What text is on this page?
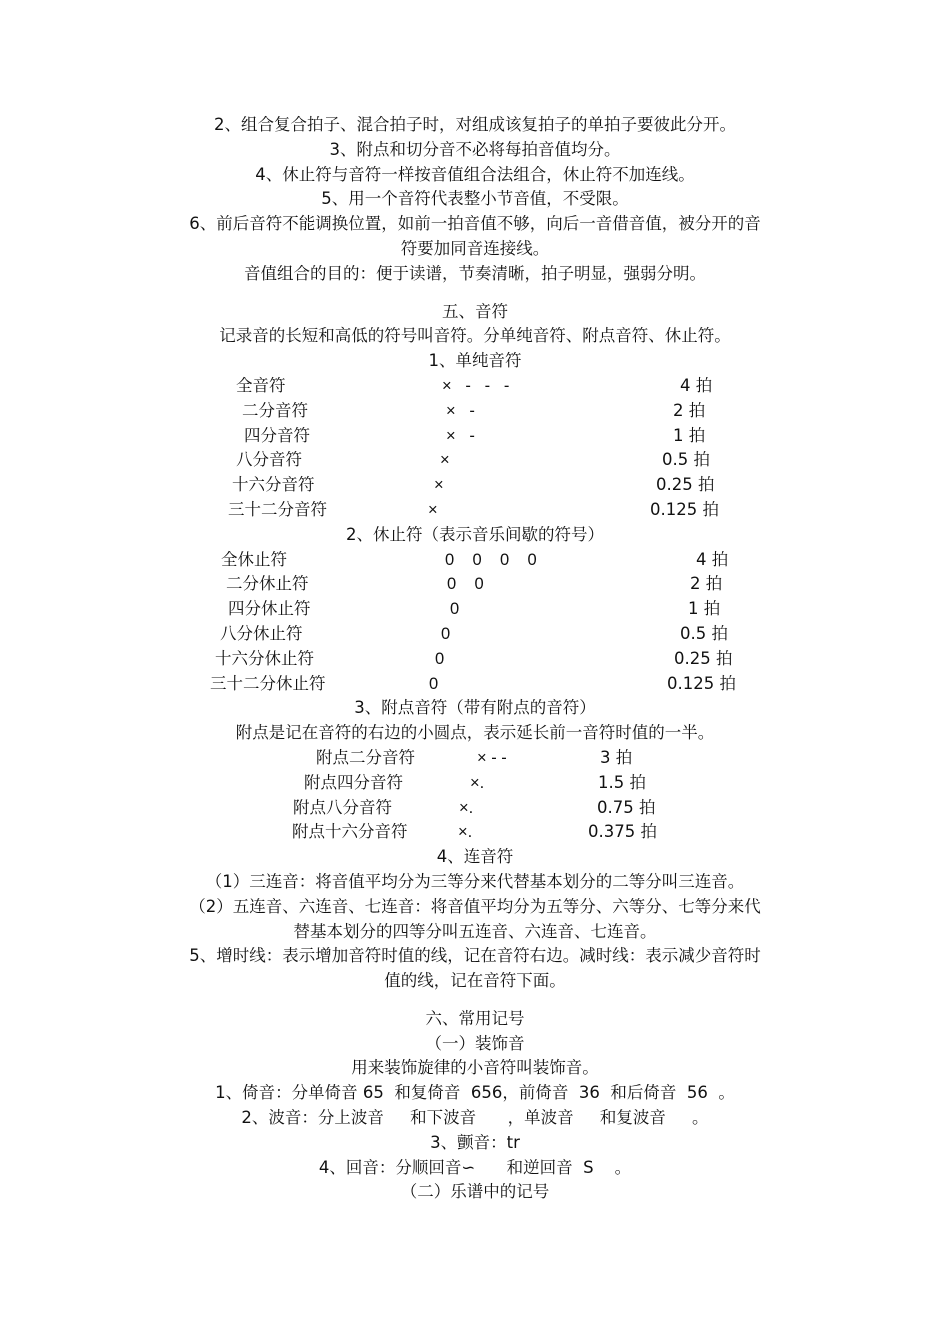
2、组合复合拍子、混合拍子时，对组成该复拍子的单拍子要彼此分开。
3、附点和切分音不必将每拍音值均分。
4、休止符与音符一样按音值组合法组合，休止符不加连线。
5、用一个音符代表整小节音值，不受限。
6、前后音符不能调换位置，如前一拍音值不够，向后一音借音值，被分开的音
符要加同音连接线。
音值组合的目的：便于读谱，节奏清晰，拍子明显，强弱分明。
五、音符
记录音的长短和高低的符号叫音符。分单纯音符、附点音符、休止符。
1、单纯音符
全音符	×   -   -   -	4 拍
二分音符	×   -	2 拍
四分音符	×   -	1 拍
八分音符	×	0.5 拍
十六分音符	×	0.25 拍
三十二分音符	×	0.125 拍
2、休止符（表示音乐间歇的符号）
全休止符	0    0    0    0	4 拍
二分休止符	0    0	2 拍
四分休止符	0	1 拍
八分休止符	0	0.5 拍
十六分休止符	0	0.25 拍
三十二分休止符	0	0.125 拍
3、附点音符（带有附点的音符）
附点是记在音符的右边的小圆点，表示延长前一音符时值的一半。
附点二分音符	× - -	3 拍
附点四分音符	×.	1.5 拍
附点八分音符	×.	0.75 拍
附点十六分音符	×.	0.375 拍
4、连音符
（1）三连音：将音值平均分为三等分来代替基本划分的二等分叫三连音。
（2）五连音、六连音、七连音：将音值平均分为五等分、六等分、七等分来代
替基本划分的四等分叫五连音、六连音、七连音。
5、增时线：表示增加音符时值的线，记在音符右边。减时线：表示减少音符时
值的线，记在音符下面。
六、常用记号
（一）装饰音
用来装饰旋律的小音符叫装饰音。
1、倚音：分单倚音 65  和复倚音  656，前倚音  36  和后倚音  56  。
2、波音：分上波音     和下波音      ，单波音     和复波音     。
3、颤音：tr
4、回音：分顺回音∽      和逆回音  S    。
（二）乐谱中的记号
